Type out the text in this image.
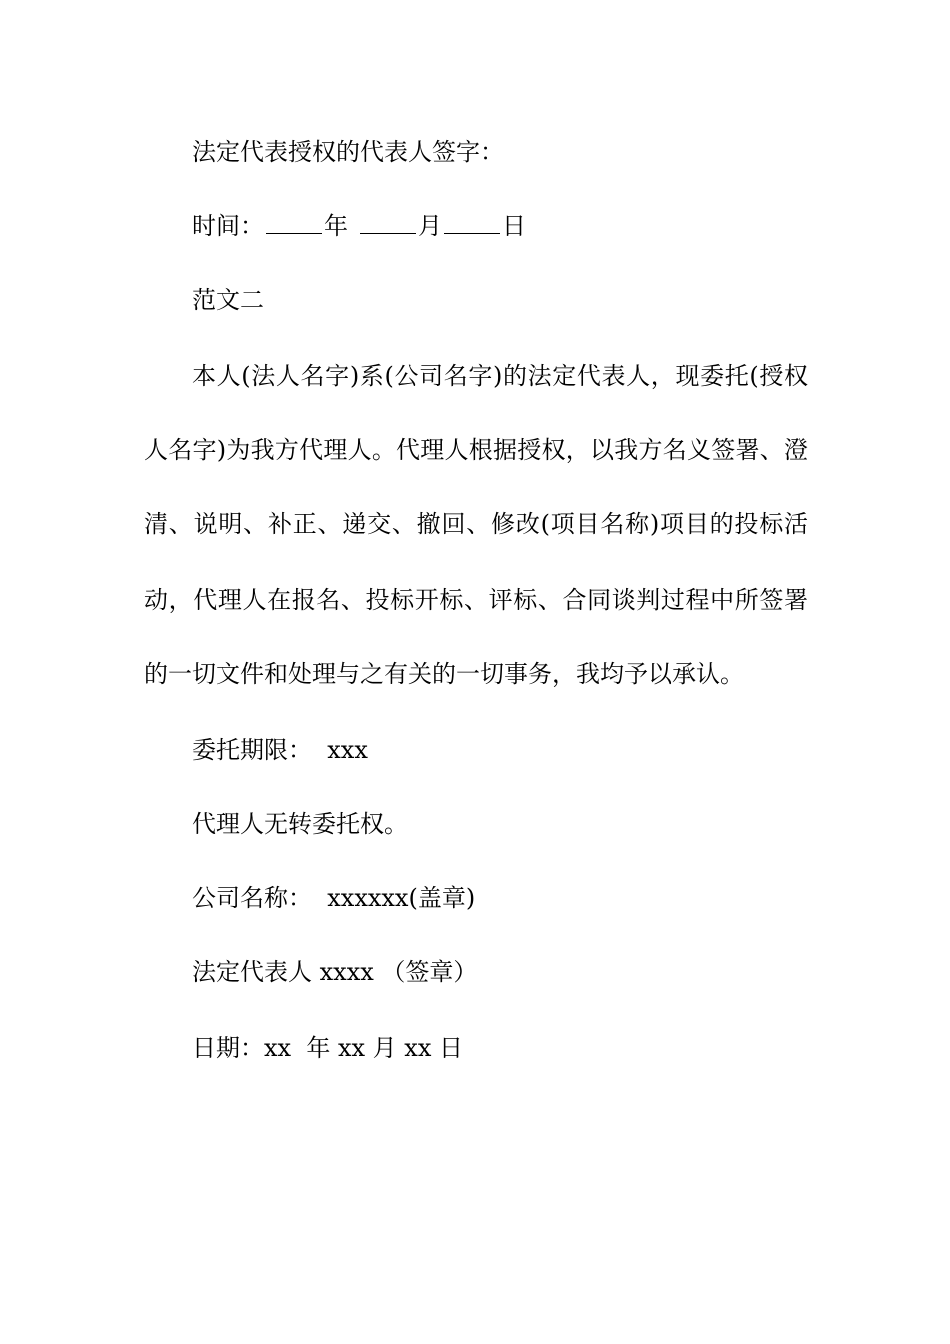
法定代表授权的代表人签字：
时间：	年	月	日
范文二
本人(法人名字)系(公司名字)的法定代表人，现委托(授权
人名字)为我方代理人。代理人根据授权，以我方名义签署、澄
清、说明、补正、递交、撤回、修改(项目名称)项目的投标活
动，代理人在报名、投标开标、评标、合同谈判过程中所签署
的一切文件和处理与之有关的一切事务，我均予以承认。
委托期限：  xxx
代理人无转委托权。
公司名称：  xxxxxx(盖章)
法定代表人 xxxx （签章）
日期：xx  年 xx 月 xx 日
